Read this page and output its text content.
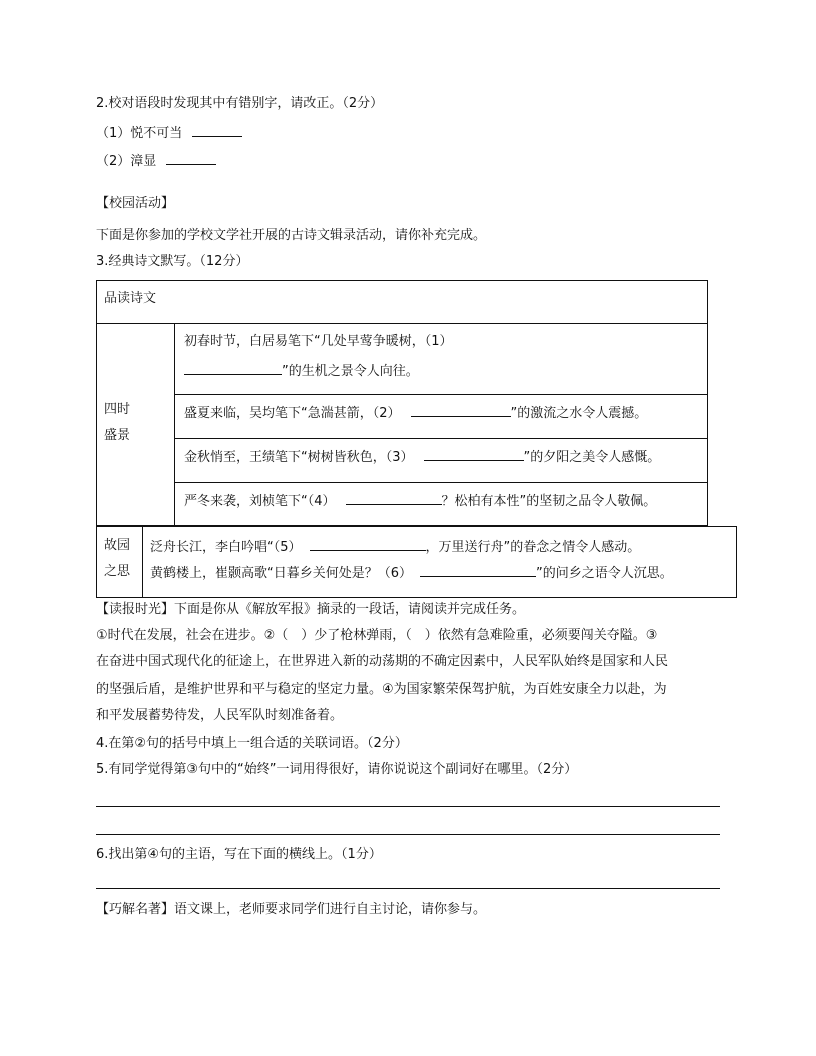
2.校对语段时发现其中有错别字，请改正。（2分）
（1）悦不可当
（2）漳显
【校园活动】
下面是你参加的学校文学社开展的古诗文辑录活动，请你补充完成。
3.经典诗文默写。（12分）
品读诗文
四时
盛景
初春时节，白居易笔下“几处早莺争暖树，（1）
”的生机之景令人向往。
盛夏来临，吴均笔下“急湍甚箭，（2）	”的激流之水令人震撼。
金秋悄至，王绩笔下“树树皆秋色，（3）	”的夕阳之美令人感慨。
严冬来袭，刘桢笔下“（4）	？松柏有本性”的坚韧之品令人敬佩。
故园
之思
泛舟长江，李白吟唱“（5）	，万里送行舟”的眷念之情令人感动。
黄鹤楼上，崔颢高歌“日暮乡关何处是？（6）	”的问乡之语令人沉思。
【读报时光】下面是你从《解放军报》摘录的一段话，请阅读并完成任务。
①时代在发展，社会在进步。②（　）少了枪林弹雨，（　）依然有急难险重，必须要闯关夺隘。③
在奋进中国式现代化的征途上，在世界进入新的动荡期的不确定因素中，人民军队始终是国家和人民
的坚强后盾，是维护世界和平与稳定的坚定力量。④为国家繁荣保驾护航，为百姓安康全力以赴，为
和平发展蓄势待发，人民军队时刻准备着。
4.在第②句的括号中填上一组合适的关联词语。（2分）
5.有同学觉得第③句中的“始终”一词用得很好，请你说说这个副词好在哪里。（2分）
6.找出第④句的主语，写在下面的横线上。（1分）
【巧解名著】语文课上，老师要求同学们进行自主讨论，请你参与。
